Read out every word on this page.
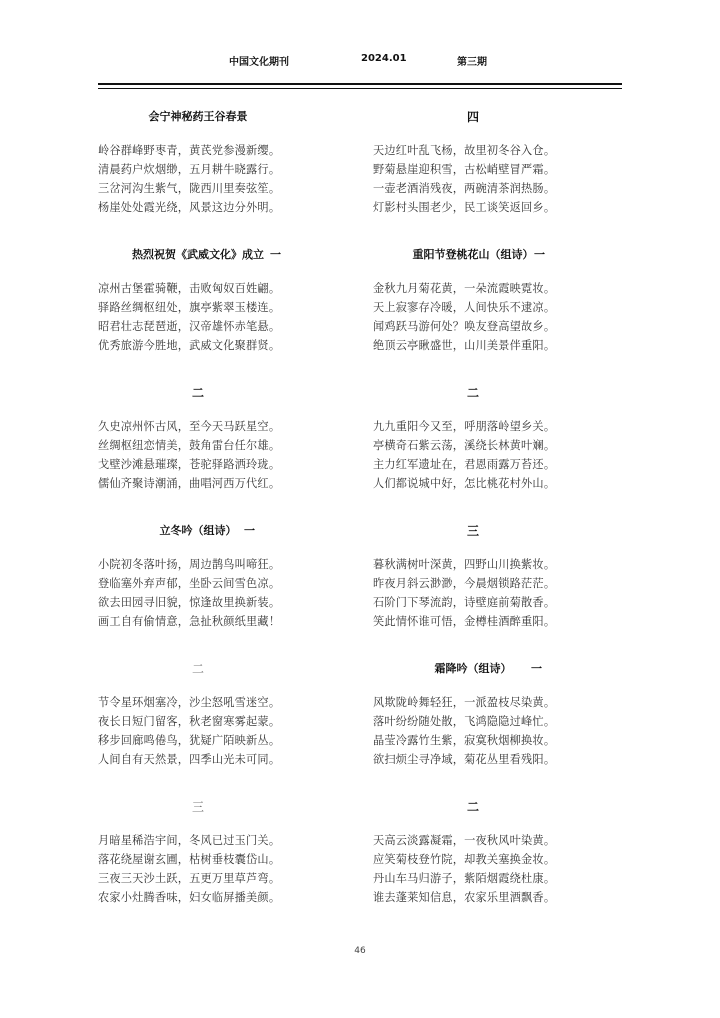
中国文化期刊	2024.01	第三期
会宁神秘药王谷春景
岭谷群峰野枣青，黄芪党参漫新缨。
清晨药户炊烟缈，五月耕牛晓露行。
三岔河沟生紫气，陇西川里奏弦笙。
杨崖处处霞光绕，风景这边分外明。
热烈祝贺《武威文化》成立 一
凉州古堡霍骑鞭，击败匈奴百姓翩。
驿路丝绸枢纽处，旗亭紫翠玉楼连。
昭君壮志琵琶逝，汉帝雄怀赤笔悬。
优秀旅游今胜地，武威文化聚群贤。
二
久史凉州怀古风，至今天马跃星空。
丝绸枢纽恋情美，鼓角雷台任尔雄。
戈壁沙滩悬璀璨，苍驼驿路洒玲珑。
儒仙齐聚诗潮涌，曲唱河西万代红。
立冬吟（组诗） 一
小院初冬落叶扬，周边鹊鸟叫啼狂。
登临塞外弃声郁，坐卧云间雪色凉。
欲去田园寻旧貌，惊逢故里换新装。
画工自有偷情意，急扯秋颜纸里藏！
二
节令星环烟塞冷，沙尘怒吼雪迷空。
夜长日短门留客，秋老窗寒雾起蒙。
移步回廊鸣倦鸟，犹疑广陌映新丛。
人间自有天然景，四季山光未可同。
三
月暗星稀浩宇间，冬风已过玉门关。
落花绕屋谢玄圃，枯树垂枝囊岱山。
三夜三天沙土跃，五更万里草芦弯。
农家小灶腾香味，妇女临屏播美颜。
四
天边红叶乱飞杨，故里初冬谷入仓。
野菊悬崖迎积雪，古松峭壁冒严霜。
一壶老酒消残夜，两碗清茶润热肠。
灯影村头围老少，民工谈笑返回乡。
重阳节登桃花山（组诗） 一
金秋九月菊花黄，一朵流霞映霓妆。
天上寂寥存冷暖，人间快乐不逮凉。
闻鸡跃马游何处？唤友登高望故乡。
绝顶云亭瞅盛世，山川美景伴重阳。
二
九九重阳今又至，呼朋落岭望乡关。
亭横奇石紫云荡，溪绕长林黄叶斓。
主力红军遗址在，君恩雨露万苔还。
人们都说城中好，怎比桃花村外山。
三
暮秋满树叶深黄，四野山川换紫妆。
昨夜月斜云渺渺，今晨烟锁路茫茫。
石阶门下琴流韵，诗壁庭前菊散香。
笑此情怀谁可悟，金樽桂酒醉重阳。
霜降吟（组诗） 一
风欺陇岭舞轻狂，一派盈枝尽染黄。
落叶纷纷随处散，飞鸿隐隐过峰忙。
晶莹冷露竹生紫，寂寞秋烟柳换妆。
欲扫烦尘寻净域，菊花丛里看残阳。
二
天高云淡露凝霜，一夜秋风叶染黄。
应笑菊枝登竹院，却教关塞换金妆。
丹山车马归游子，紫陌烟霞绕杜康。
谁去蓬莱知信息，农家乐里酒飘香。
46
